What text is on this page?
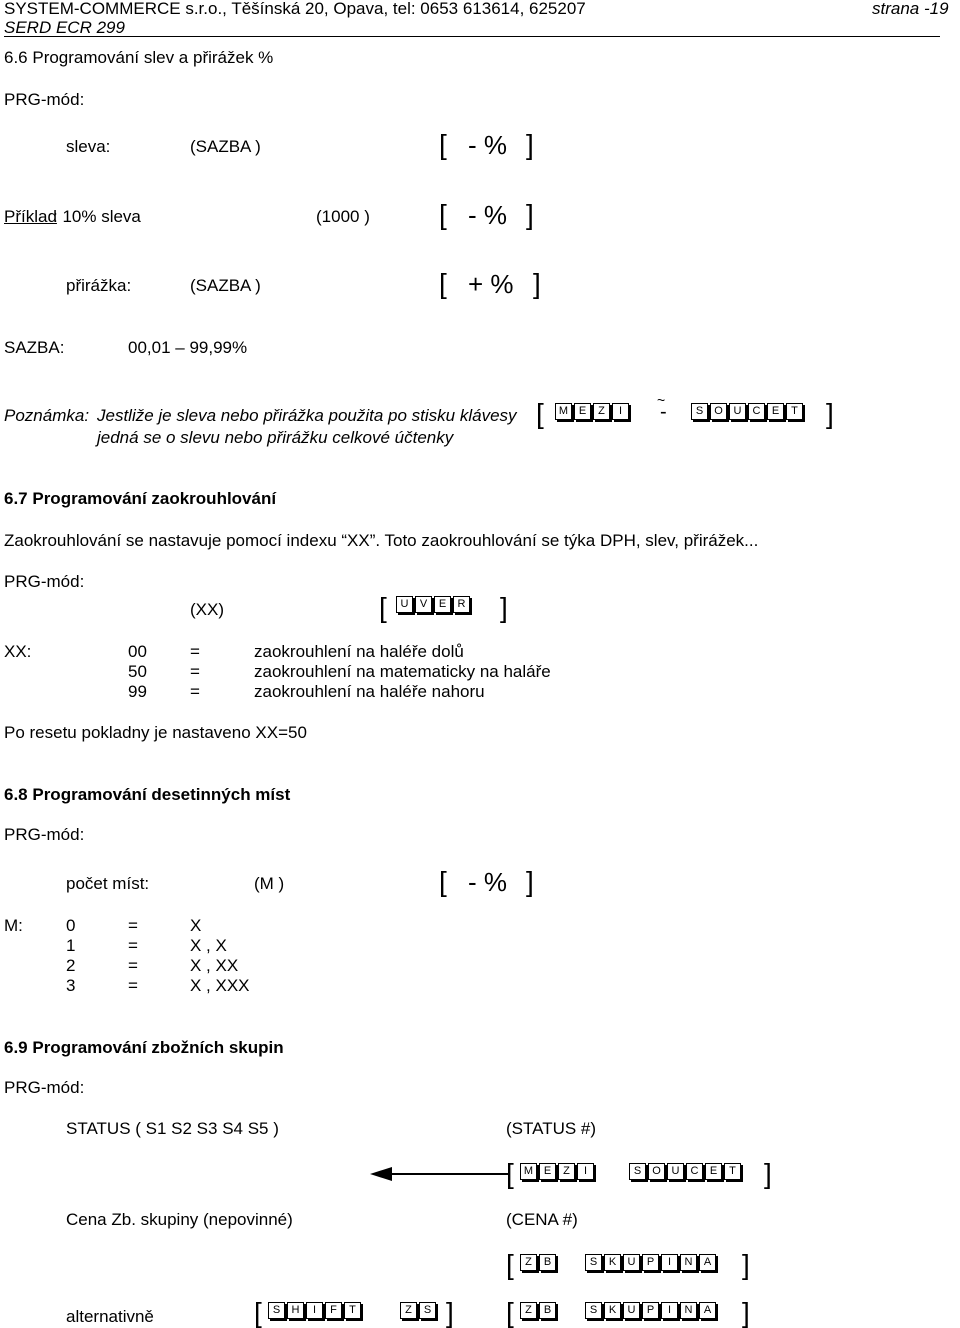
SYSTEM-COMMERCE s.r.o., Těšínská 20, Opava, tel: 0653 613614, 625207
SERD ECR 299
strana -19
6.6 Programování slev a přirážek %
PRG-mód:
sleva:	(SAZBA )	[ - % ]
Příklad
: 10% sleva	(1000 ) [ - % ]
přirážka:	(SAZBA )	[ + % ]
SAZBA:	00,01 – 99,99%
Poznámka: Jestliže je sleva nebo přirážka použita po stisku klávesy
jedná se o slevu nebo přirážku celkové účtenky
[	M E	Z	I
~
-	S	O U	C	E	T ]
6.7 Programování zaokrouhlování
Zaokrouhlování se nastavuje pomocí indexu “XX”. Toto zaokrouhlování se týka DPH, slev, přirážek...
PRG-mód:
(XX)	[	U	V	E	R ]
XX:	00	=	zaokrouhlení na haléře dolů
50	=	zaokrouhlení na matematicky na haláře
99	=	zaokrouhlení na haléře nahoru
Po resetu pokladny je nastaveno XX=50
6.8 Programování desetinných míst
PRG-mód:
počet míst:	(M )	[ - % ]
M:	0	=	X
1	=	X , X
2	=	X , XX
3	=	X , XXX
6.9 Programování zbožních skupin
PRG-mód:
STATUS ( S1 S2 S3 S4 S5 )	(STATUS #)
[ M E	Z	I	S	O U	C	E	T ]
Cena Zb. skupiny (nepovinné)	(CENA #)
[	Z	B	S	K	U	P	I	N	A ]
alternativně	[	S	H	I	F	T	Z	S ] [	Z	B	S	K	U	P	I	N	A ]
